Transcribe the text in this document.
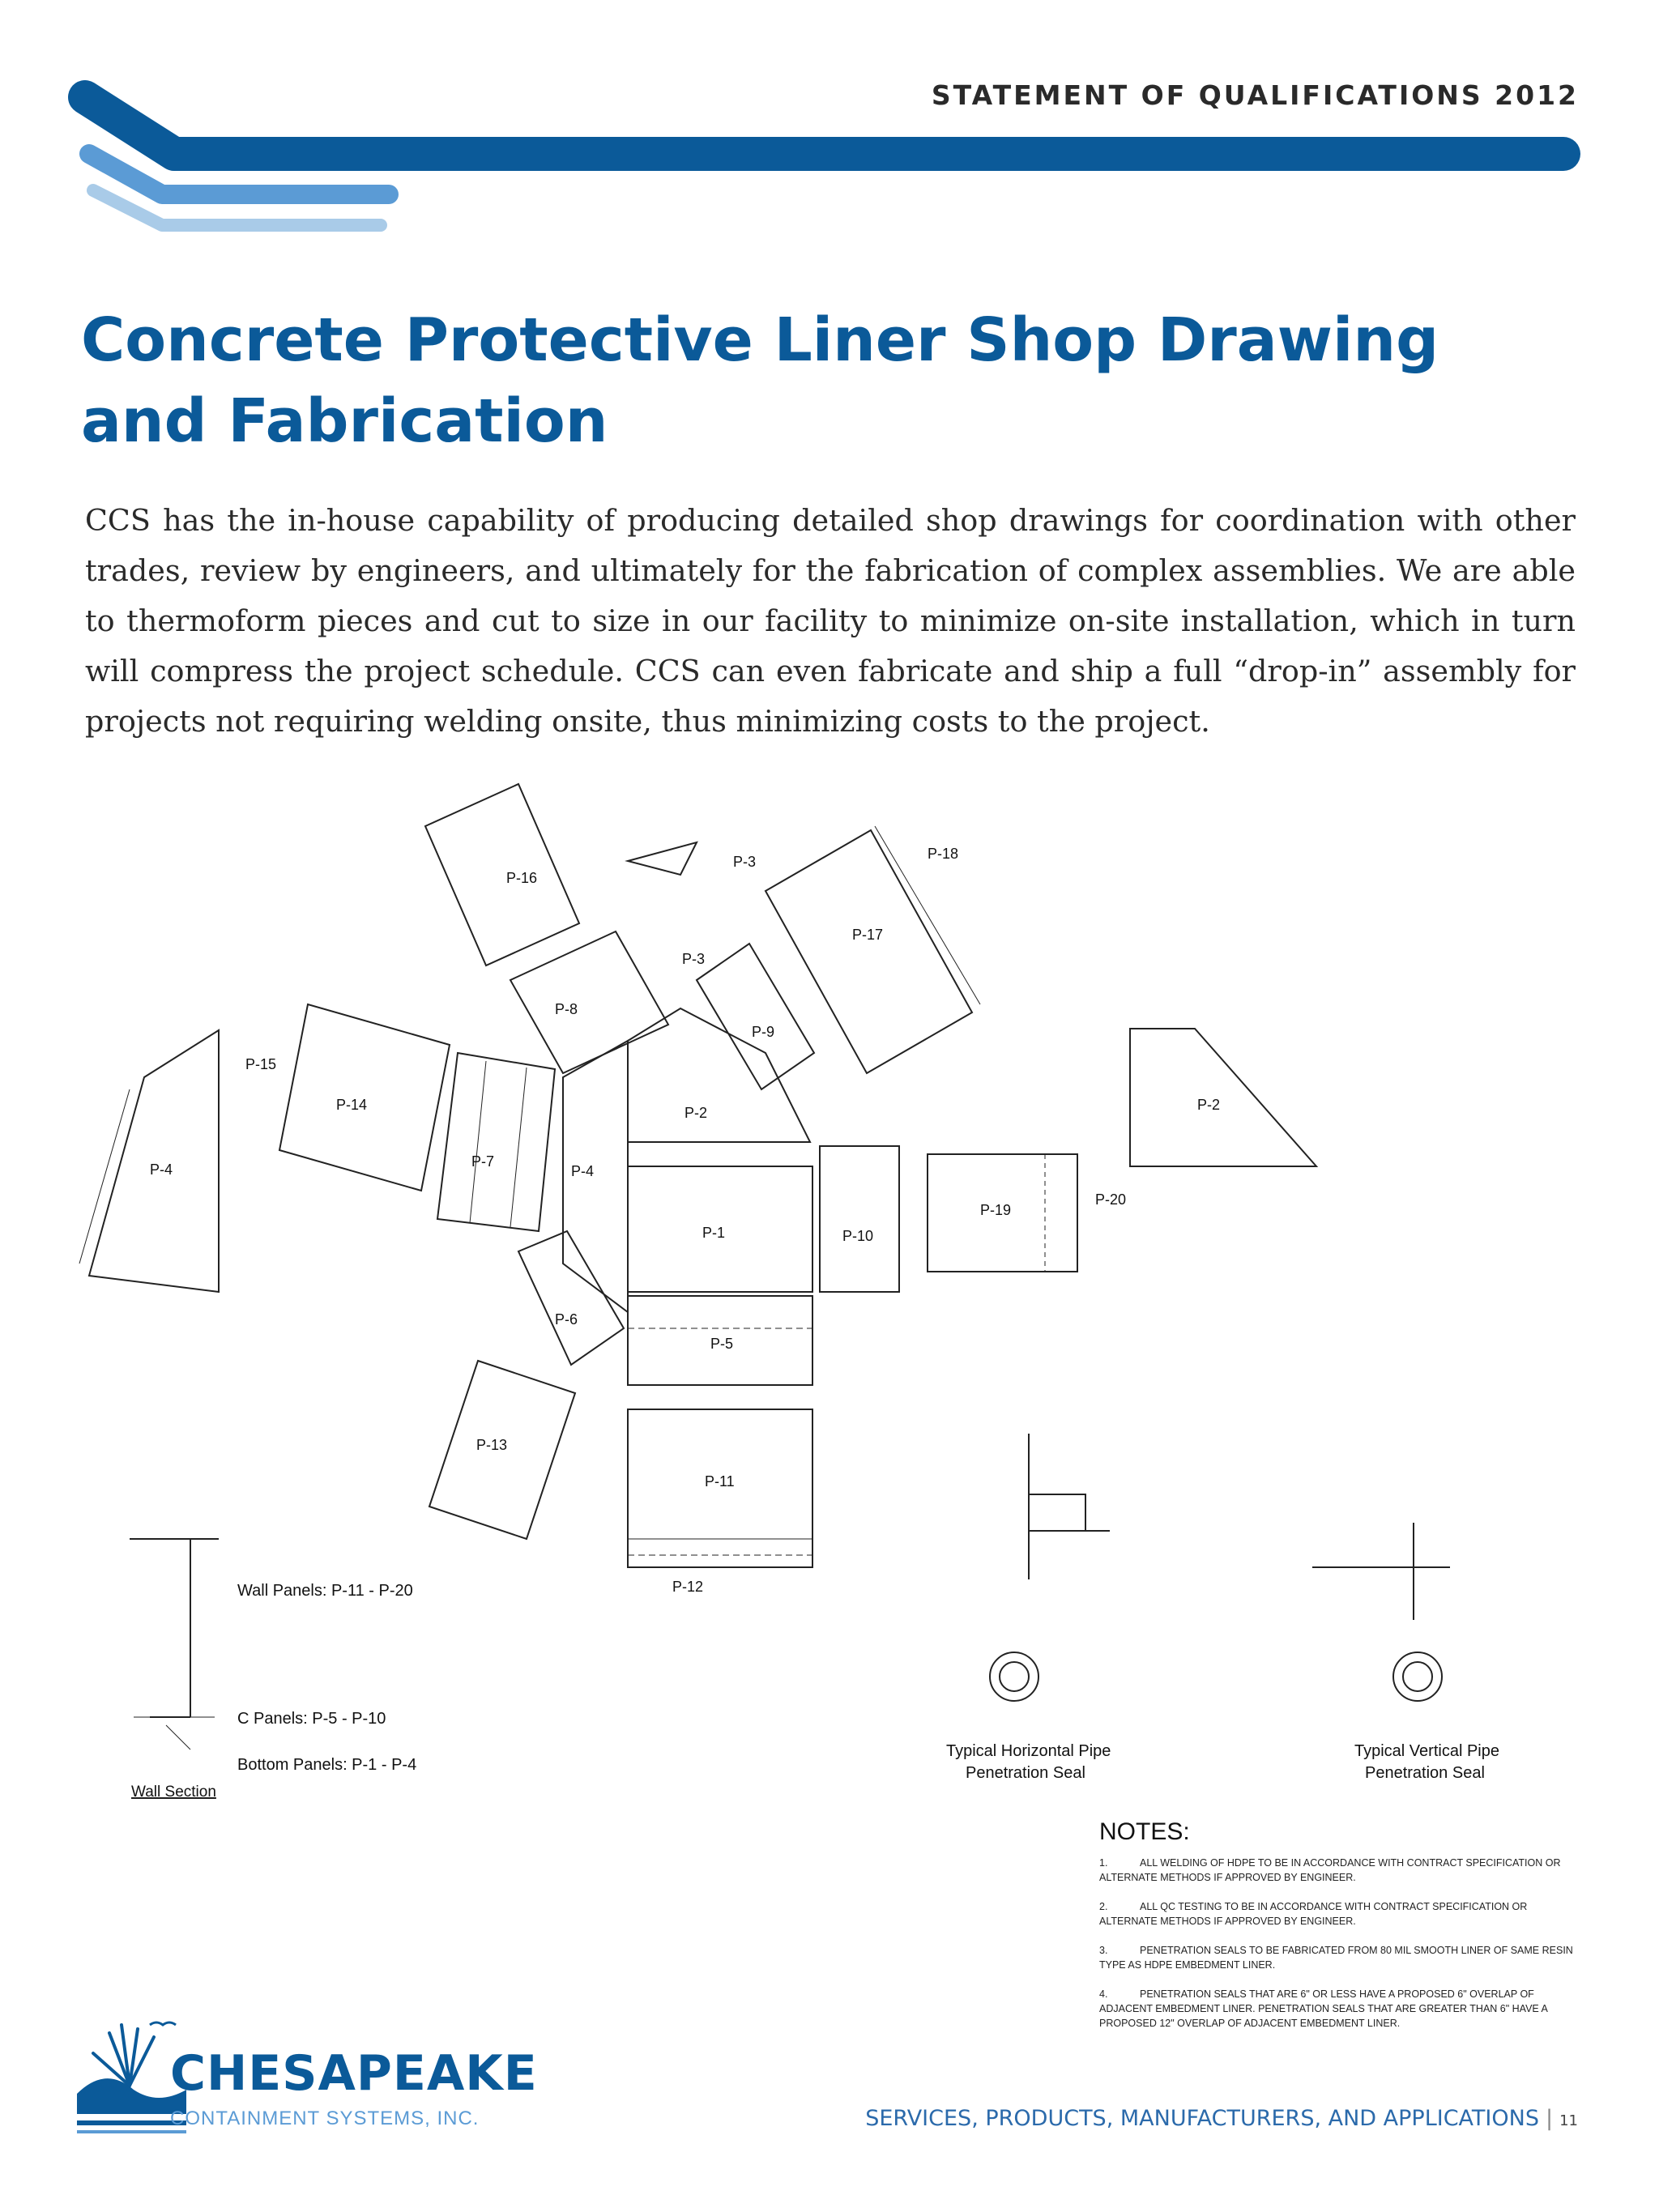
STATEMENT OF QUALIFICATIONS 2012
Concrete Protective Liner Shop Drawing
and Fabrication

CCS has the in-house capability of producing detailed shop drawings for coordination with other trades, review by engineers, and ultimately for the fabrication of complex assemblies. We are able to thermoform pieces and cut to size in our facility to minimize on-site installation, which in turn will compress the project schedule. CCS can even fabricate and ship a full “drop-in” assembly for projects not requiring welding onsite, thus minimizing costs to the project.

P-4
P-14
P-15
P-7
P-4
P-16
P-8
P-3
P-3
P-18
P-17
P-9
P-2
P-1	P-10
P-19
P-20
P-2
P-6
P-5
P-13
P-11
P-12
Wall Panels: P-11 - P-20
C Panels: P-5 - P-10
Bottom Panels: P-1 - P-4
Wall Section
Typical Horizontal Pipe
Penetration Seal
Typical Vertical Pipe
Penetration Seal
NOTES:
1.	ALL WELDING OF HDPE TO BE IN ACCORDANCE WITH CONTRACT SPECIFICATION OR ALTERNATE METHODS IF APPROVED BY ENGINEER.
2.	ALL QC TESTING TO BE IN ACCORDANCE WITH CONTRACT SPECIFICATION OR ALTERNATE METHODS IF APPROVED BY ENGINEER.
3.	PENETRATION SEALS TO BE FABRICATED FROM 80 MIL SMOOTH LINER OF SAME RESIN TYPE AS HDPE EMBEDMENT LINER.
4.	PENETRATION SEALS THAT ARE 6" OR LESS HAVE A PROPOSED 6" OVERLAP OF ADJACENT EMBEDMENT LINER. PENETRATION SEALS THAT ARE GREATER THAN 6" HAVE A PROPOSED 12" OVERLAP OF ADJACENT EMBEDMENT LINER.
CHESAPEAKE
CONTAINMENT SYSTEMS, INC.	SERVICES, PRODUCTS, MANUFACTURERS, AND APPLICATIONS | 11
